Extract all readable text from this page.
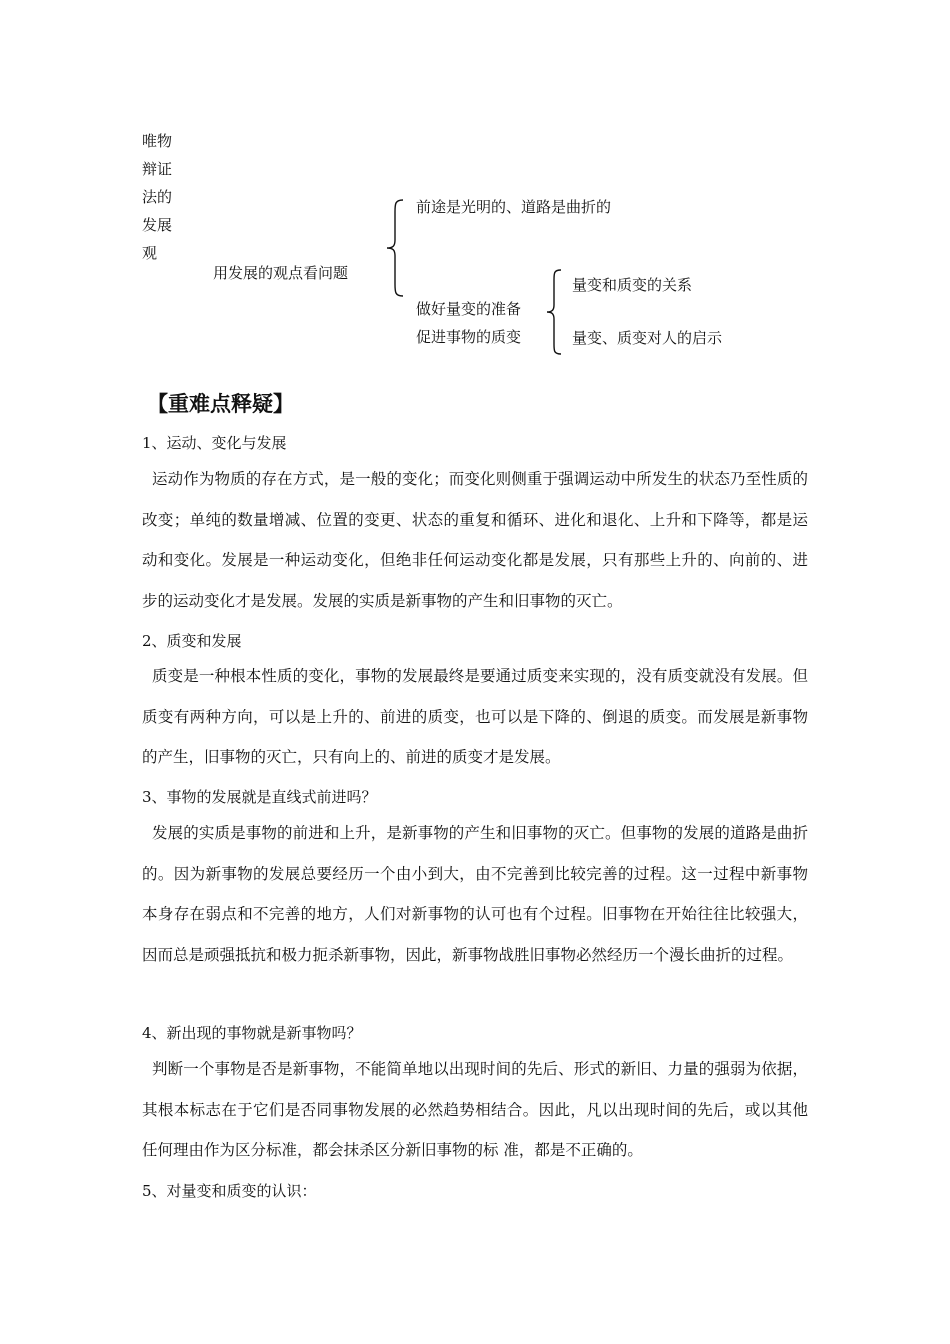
唯物
辩证
法的
发展
观
用发展的观点看问题
前途是光明的、道路是曲折的
做好量变的准备
促进事物的质变
量变和质变的关系
量变、质变对人的启示
【重难点释疑】
1、运动、变化与发展
运动作为物质的存在方式，是一般的变化；而变化则侧重于强调运动中所发生的状态乃至性质的改变；单纯的数量增减、位置的变更、状态的重复和循环、进化和退化、上升和下降等，都是运动和变化。发展是一种运动变化，但绝非任何运动变化都是发展，只有那些上升的、向前的、进步的运动变化才是发展。发展的实质是新事物的产生和旧事物的灭亡。
2、质变和发展
质变是一种根本性质的变化，事物的发展最终是要通过质变来实现的，没有质变就没有发展。但质变有两种方向，可以是上升的、前进的质变，也可以是下降的、倒退的质变。而发展是新事物的产生，旧事物的灭亡，只有向上的、前进的质变才是发展。
3、事物的发展就是直线式前进吗？
发展的实质是事物的前进和上升，是新事物的产生和旧事物的灭亡。但事物的发展的道路是曲折的。因为新事物的发展总要经历一个由小到大，由不完善到比较完善的过程。这一过程中新事物本身存在弱点和不完善的地方，人们对新事物的认可也有个过程。旧事物在开始往往比较强大，因而总是顽强抵抗和极力扼杀新事物，因此，新事物战胜旧事物必然经历一个漫长曲折的过程。
4、新出现的事物就是新事物吗？
判断一个事物是否是新事物，不能简单地以出现时间的先后、形式的新旧、力量的强弱为依据，其根本标志在于它们是否同事物发展的必然趋势相结合。因此，凡以出现时间的先后，或以其他任何理由作为区分标准，都会抹杀区分新旧事物的标 准，都是不正确的。
5、对量变和质变的认识：
